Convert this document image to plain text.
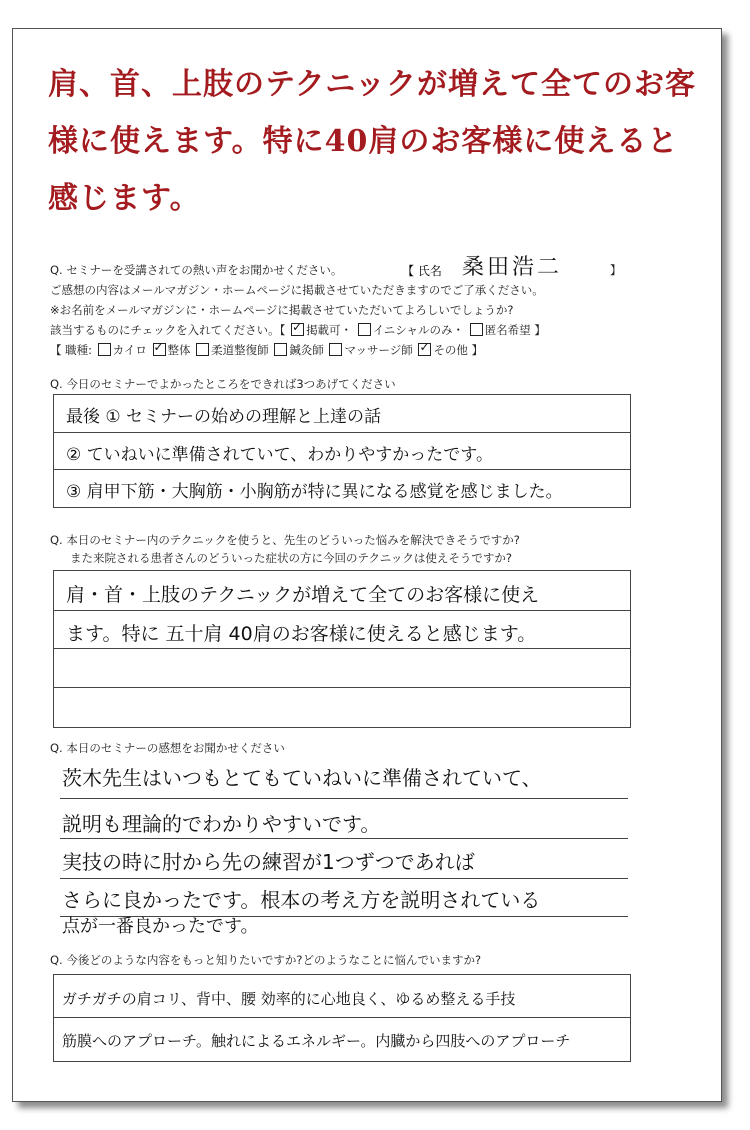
肩、首、上肢のテクニックが増えて全てのお客様に使えます。特に40肩のお客様に使えると感じます。
Q. セミナーを受講されての熱い声をお聞かせください。	【 氏名 桑田浩二	】
ご感想の内容はメールマガジン・ホームページに掲載させていただきますのでご了承ください。
※お名前をメールマガジンに・ホームページに掲載させていただいてよろしいでしょうか?
該当するものにチェックを入れてください。【 ✓ 掲載可・ イニシャルのみ・ 匿名希望 】
【 職種: カイロ ✓ 整体 柔道整復師 鍼灸師 マッサージ師 ✓ その他 】
Q. 今日のセミナーでよかったところをできれば3つあげてください
最後 ① セミナーの始めの理解と上達の話
② ていねいに準備されていて、わかりやすかったです。
③ 肩甲下筋・大胸筋・小胸筋が特に異になる感覚を感じました。
Q. 本日のセミナー内のテクニックを使うと、先生のどういった悩みを解決できそうですか?
また来院される患者さんのどういった症状の方に今回のテクニックは使えそうですか?
肩・首・上肢のテクニックが増えて全てのお客様に使え
ます。特に 五十肩 40肩のお客様に使えると感じます。
Q. 本日のセミナーの感想をお聞かせください
茨木先生はいつもとてもていねいに準備されていて、
説明も理論的でわかりやすいです。
実技の時に肘から先の練習が1つずつであれば
さらに良かったです。根本の考え方を説明されている
点が一番良かったです。
Q. 今後どのような内容をもっと知りたいですか?どのようなことに悩んでいますか?
ガチガチの肩コリ、背中、腰 効率的に心地良く、ゆるめ整える手技
筋膜へのアプローチ。触れによるエネルギー。内臓から四肢へのアプローチ
